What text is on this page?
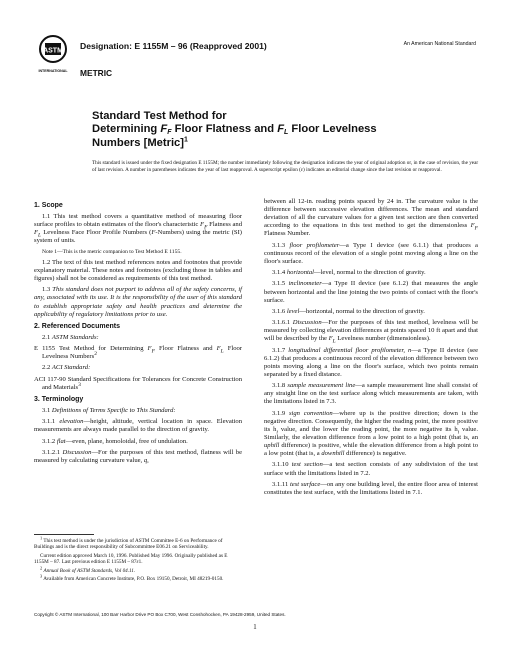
ASTM
INTERNATIONAL
Designation: E 1155M – 96 (Reapproved 2001)	An American National Standard
METRIC
Standard Test Method for
Determining $F_F$ Floor Flatness and $F_L$ Floor Levelness
Numbers [Metric]$^1$
This standard is issued under the fixed designation E 1155M; the number immediately following the designation indicates the year of original adoption or, in the case of revision, the year of last revision. A number in parentheses indicates the year of last reapproval. A superscript epsilon (ε) indicates an editorial change since the last revision or reapproval.
1. Scope

1.1 This test method covers a quantitative method of measuring floor surface profiles to obtain estimates of the floor's characteristic $F_F$ Flatness and $F_L$ Levelness Face Floor Profile Numbers (F-Numbers) using the metric (SI) system of units.

Note 1—This is the metric companion to Test Method E 1155.

1.2 The text of this test method references notes and footnotes that provide explanatory material. These notes and footnotes (excluding those in tables and figures) shall not be considered as requirements of this test method.

1.3 This standard does not purport to address all of the safety concerns, if any, associated with its use. It is the responsibility of the user of this standard to establish appropriate safety and health practices and determine the applicability of regulatory limitations prior to use.

2. Referenced Documents

2.1 ASTM Standards:

E 1155 Test Method for Determining $F_F$ Floor Flatness and $F_L$ Floor Levelness Numbers$^2$

2.2 ACI Standard:

ACI 117-90 Standard Specifications for Tolerances for Concrete Construction and Materials$^3$

3. Terminology

3.1 Definitions of Terms Specific to This Standard:

3.1.1 elevation—height, altitude, vertical location in space. Elevation measurements are always made parallel to the direction of gravity.

3.1.2 flat—even, plane, homoloidal, free of undulation.

3.1.2.1 Discussion—For the purposes of this test method, flatness will be measured by calculating curvature value, q,

$^1$ This test method is under the jurisdiction of ASTM Committee E-6 on Performance of Buildings and is the direct responsibility of Subcommittee E06.21 on Serviceability.

Current edition approved March 10, 1996. Published May 1996. Originally published as E 1155M – 87. Last previous edition E 1155M – 87ε1.

$^2$ Annual Book of ASTM Standards, Vol 04.11.

$^3$ Available from American Concrete Institute, P.O. Box 19150, Detroit, MI 48219-0150.

between all 12-in. reading points spaced by 24 in. The curvature value is the difference between successive elevation differences. The mean and standard deviation of all the curvature values for a given test section are then converted according to the equations in this test method to get the dimensionless $F_F$ Flatness Number.

3.1.3 floor profilometer—a Type I device (see 6.1.1) that produces a continuous record of the elevation of a single point moving along a line on the floor's surface.

3.1.4 horizontal—level, normal to the direction of gravity.

3.1.5 inclinometer—a Type II device (see 6.1.2) that measures the angle between horizontal and the line joining the two points of contact with the floor's surface.

3.1.6 level—horizontal, normal to the direction of gravity.

3.1.6.1 Discussion—For the purposes of this test method, levelness will be measured by collecting elevation differences at points spaced 10 ft apart and that will be described by the $F_L$ Levelness number (dimensionless).

3.1.7 longitudinal differential floor profilometer, n—a Type II device (see 6.1.2) that produces a continuous record of the elevation difference between two points moving along a line on the floor's surface, which two points remain separated by a fixed distance.

3.1.8 sample measurement line—a sample measurement line shall consist of any straight line on the test surface along which measurements are taken, with the limitations listed in 7.3.

3.1.9 sign convention—where up is the positive direction; down is the negative direction. Consequently, the higher the reading point, the more positive its $h_i$ value, and the lower the reading point, the more negative its $h_i$ value. Similarly, the elevation difference from a low point to a high point (that is, an uphill difference) is positive, while the elevation difference from a high point to a low point (that is, a downhill difference) is negative.

3.1.10 test section—a test section consists of any subdivision of the test surface with the limitations listed in 7.2.

3.1.11 test surface—on any one building level, the entire floor area of interest constitutes the test surface, with the limitations listed in 7.1.

Copyright © ASTM International, 100 Barr Harbor Drive PO Box C700, West Conshohocken, PA 19428-2959, United States.
1
